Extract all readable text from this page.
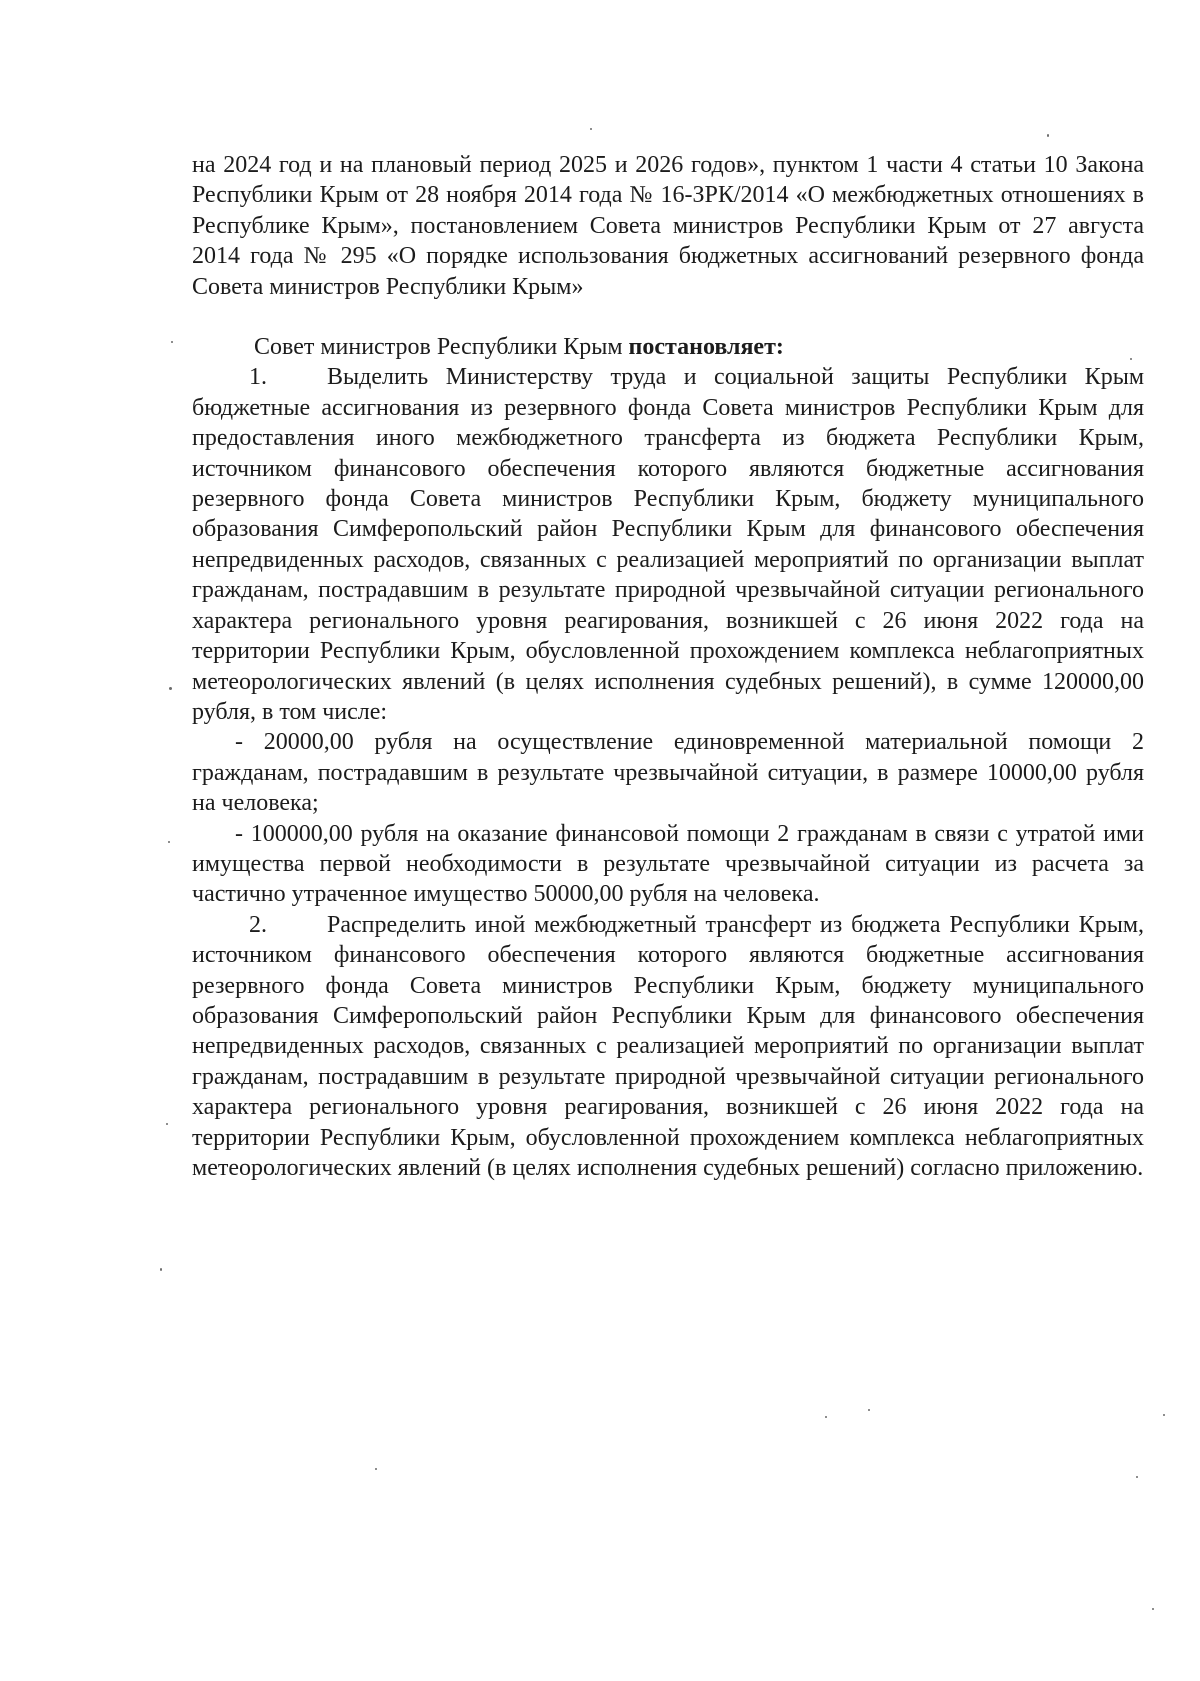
на 2024 год и на плановый период 2025 и 2026 годов», пунктом 1 части 4 статьи 10 Закона Республики Крым от 28 ноября 2014 года № 16-ЗРК/2014 «О межбюджетных отношениях в Республике Крым», постановлением Совета министров Республики Крым от 27 августа 2014 года № 295 «О порядке использования бюджетных ассигнований резервного фонда Совета министров Республики Крым»

Совет министров Республики Крым постановляет:

1.	Выделить Министерству труда и социальной защиты Республики Крым бюджетные ассигнования из резервного фонда Совета министров Республики Крым для предоставления иного межбюджетного трансферта из бюджета Республики Крым, источником финансового обеспечения которого являются бюджетные ассигнования резервного фонда Совета министров Республики Крым, бюджету муниципального образования Симферопольский район Республики Крым для финансового обеспечения непредвиденных расходов, связанных с реализацией мероприятий по организации выплат гражданам, пострадавшим в результате природной чрезвычайной ситуации регионального характера регионального уровня реагирования, возникшей с 26 июня 2022 года на территории Республики Крым, обусловленной прохождением комплекса неблагоприятных метеорологических явлений (в целях исполнения судебных решений), в сумме 120000,00 рубля, в том числе:

- 20000,00 рубля на осуществление единовременной материальной помощи 2 гражданам, пострадавшим в результате чрезвычайной ситуации, в размере 10000,00 рубля на человека;

- 100000,00 рубля на оказание финансовой помощи 2 гражданам в связи с утратой ими имущества первой необходимости в результате чрезвычайной ситуации из расчета за частично утраченное имущество 50000,00 рубля на человека.

2.	Распределить иной межбюджетный трансферт из бюджета Республики Крым, источником финансового обеспечения которого являются бюджетные ассигнования резервного фонда Совета министров Республики Крым, бюджету муниципального образования Симферопольский район Республики Крым для финансового обеспечения непредвиденных расходов, связанных с реализацией мероприятий по организации выплат гражданам, пострадавшим в результате природной чрезвычайной ситуации регионального характера регионального уровня реагирования, возникшей с 26 июня 2022 года на территории Республики Крым, обусловленной прохождением комплекса неблагоприятных метеорологических явлений (в целях исполнения судебных решений) согласно приложению.
